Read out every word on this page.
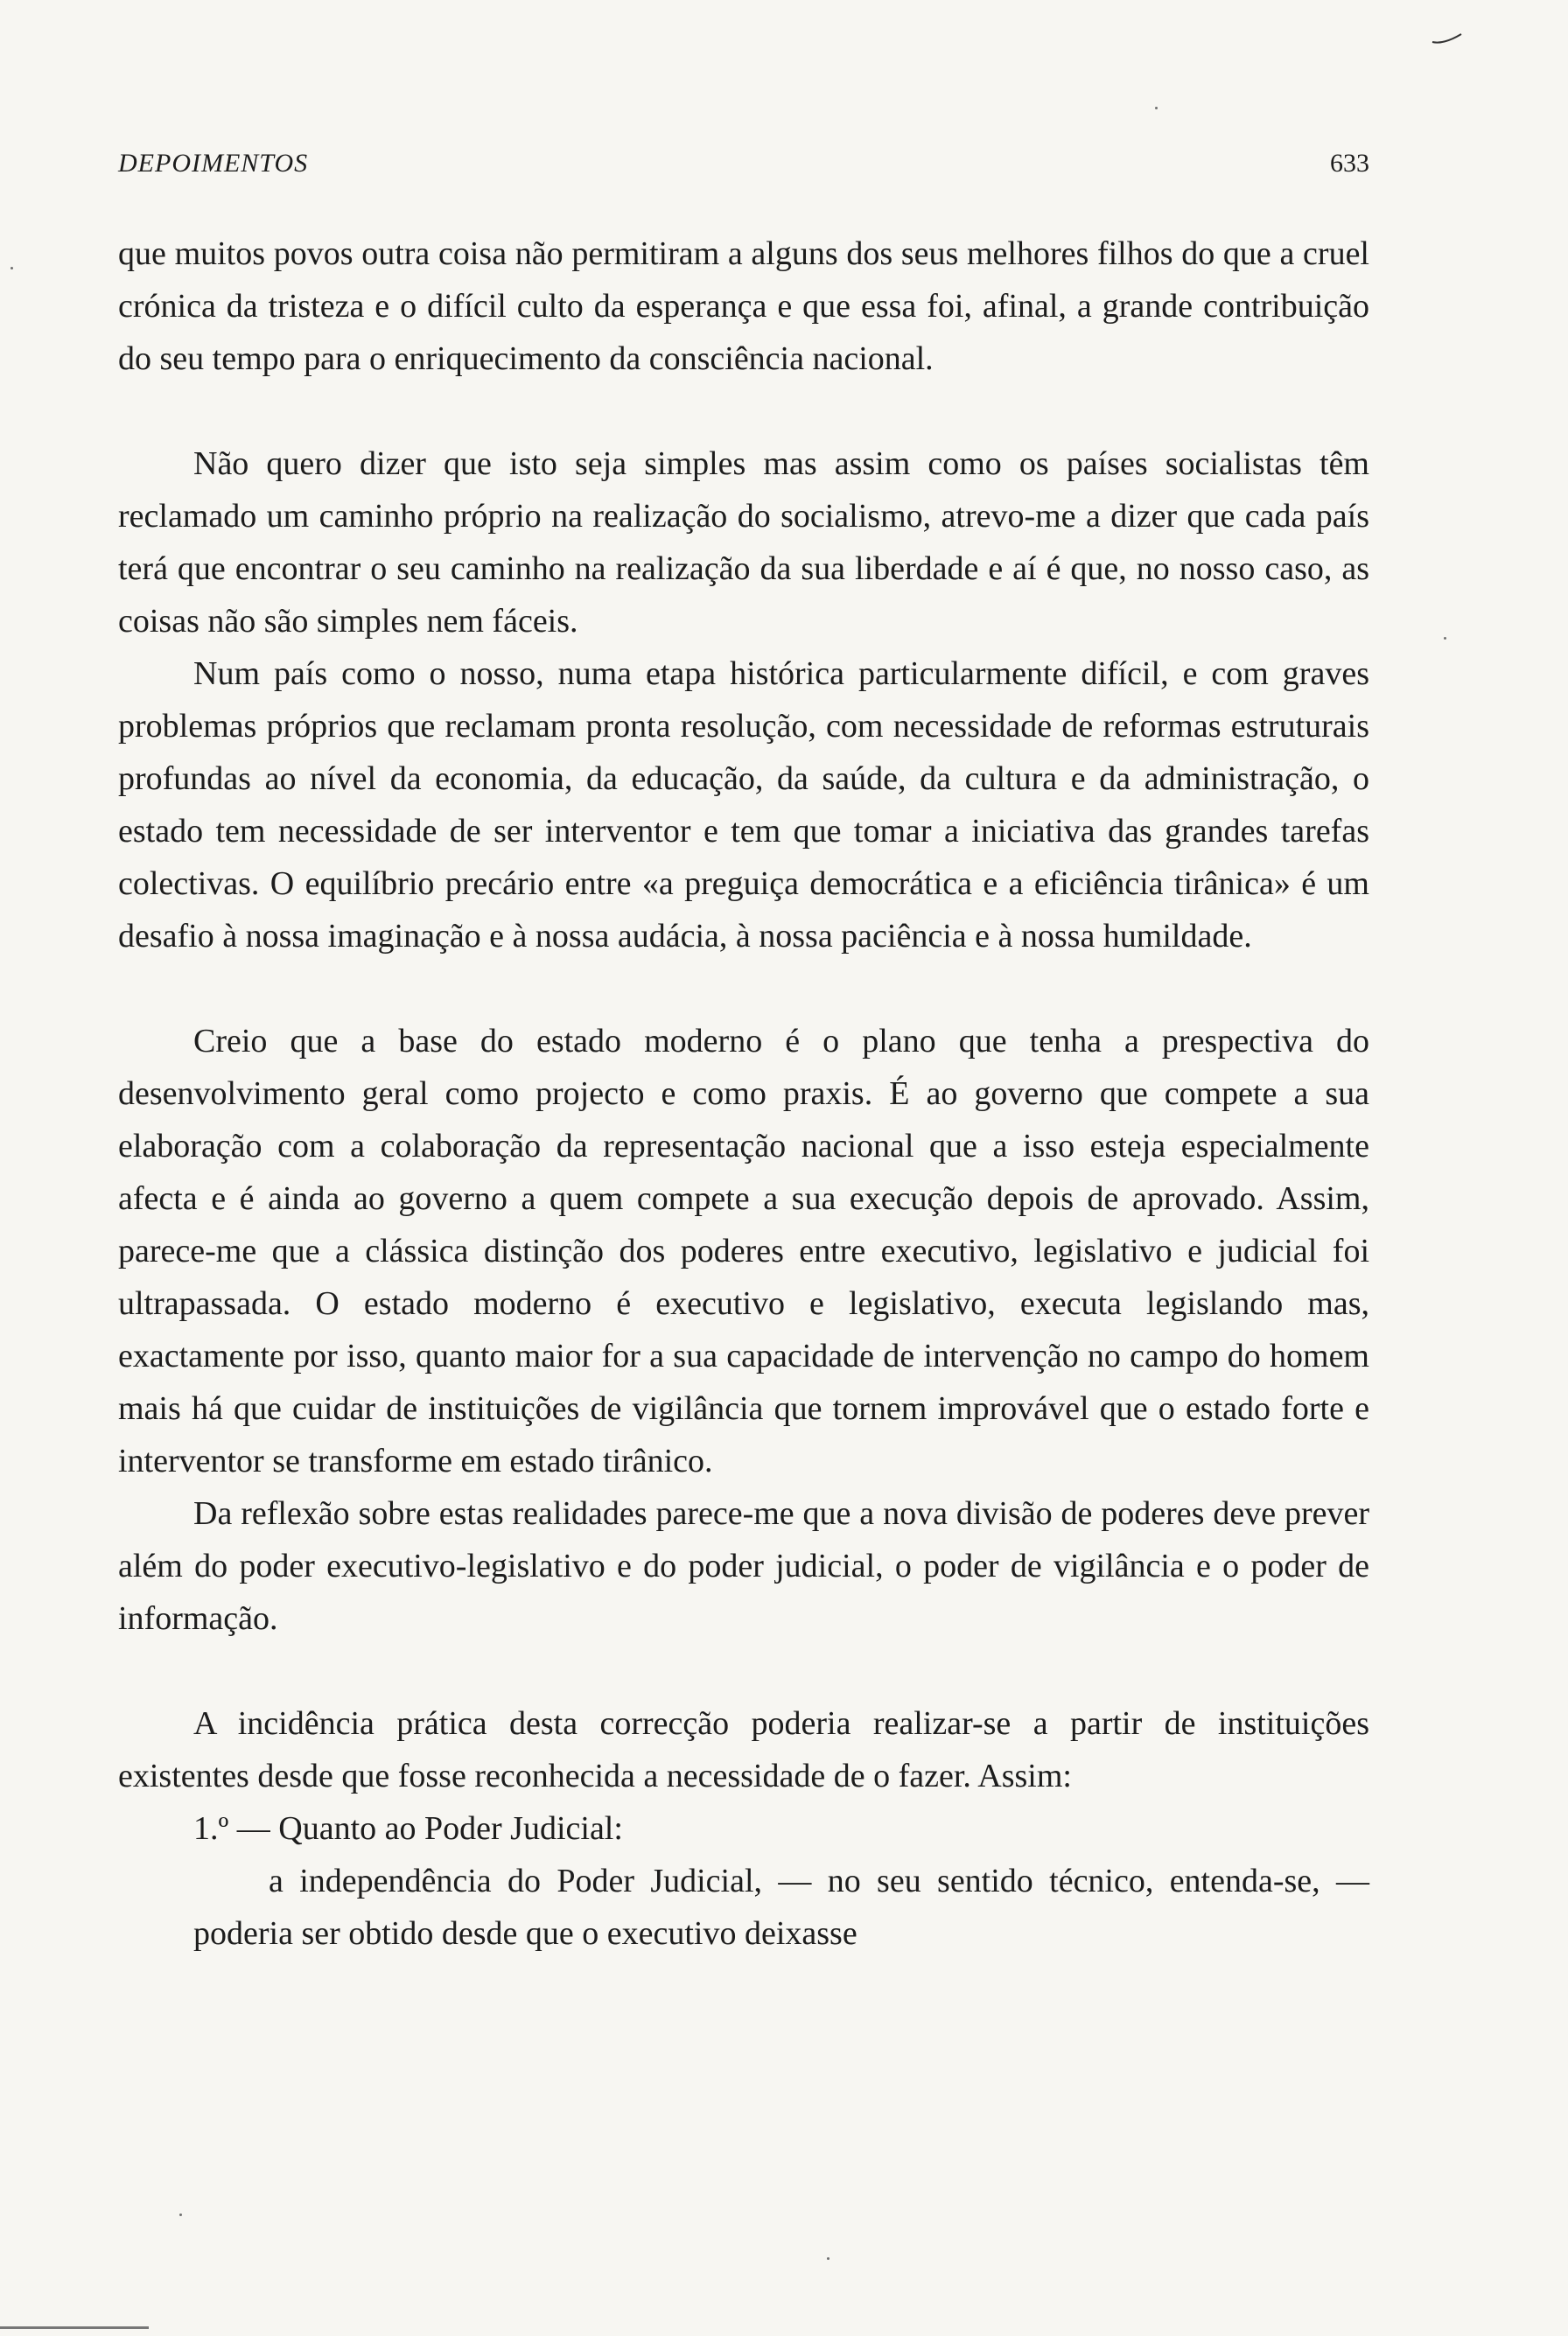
DEPOIMENTOS	633

que muitos povos outra coisa não permitiram a alguns dos seus melhores filhos do que a cruel crónica da tristeza e o difícil culto da esperança e que essa foi, afinal, a grande contribuição do seu tempo para o enriquecimento da consciência nacional.

Não quero dizer que isto seja simples mas assim como os países socialistas têm reclamado um caminho próprio na realização do socialismo, atrevo-me a dizer que cada país terá que encontrar o seu caminho na realização da sua liberdade e aí é que, no nosso caso, as coisas não são simples nem fáceis.

Num país como o nosso, numa etapa histórica particularmente difícil, e com graves problemas próprios que reclamam pronta resolução, com necessidade de reformas estruturais profundas ao nível da economia, da educação, da saúde, da cultura e da administração, o estado tem necessidade de ser interventor e tem que tomar a iniciativa das grandes tarefas colectivas. O equilíbrio precário entre «a preguiça democrática e a eficiência tirânica» é um desafio à nossa imaginação e à nossa audácia, à nossa paciência e à nossa humildade.

Creio que a base do estado moderno é o plano que tenha a prespectiva do desenvolvimento geral como projecto e como praxis. É ao governo que compete a sua elaboração com a colaboração da representação nacional que a isso esteja especialmente afecta e é ainda ao governo a quem compete a sua execução depois de aprovado. Assim, parece-me que a clássica distinção dos poderes entre executivo, legislativo e judicial foi ultrapassada. O estado moderno é executivo e legislativo, executa legislando mas, exactamente por isso, quanto maior for a sua capacidade de intervenção no campo do homem mais há que cuidar de instituições de vigilância que tornem improvável que o estado forte e interventor se transforme em estado tirânico.

Da reflexão sobre estas realidades parece-me que a nova divisão de poderes deve prever além do poder executivo-legislativo e do poder judicial, o poder de vigilância e o poder de informação.

A incidência prática desta correcção poderia realizar-se a partir de instituições existentes desde que fosse reconhecida a necessidade de o fazer. Assim:

1.º — Quanto ao Poder Judicial:

a independência do Poder Judicial, — no seu sentido técnico, entenda-se, — poderia ser obtido desde que o executivo deixasse
